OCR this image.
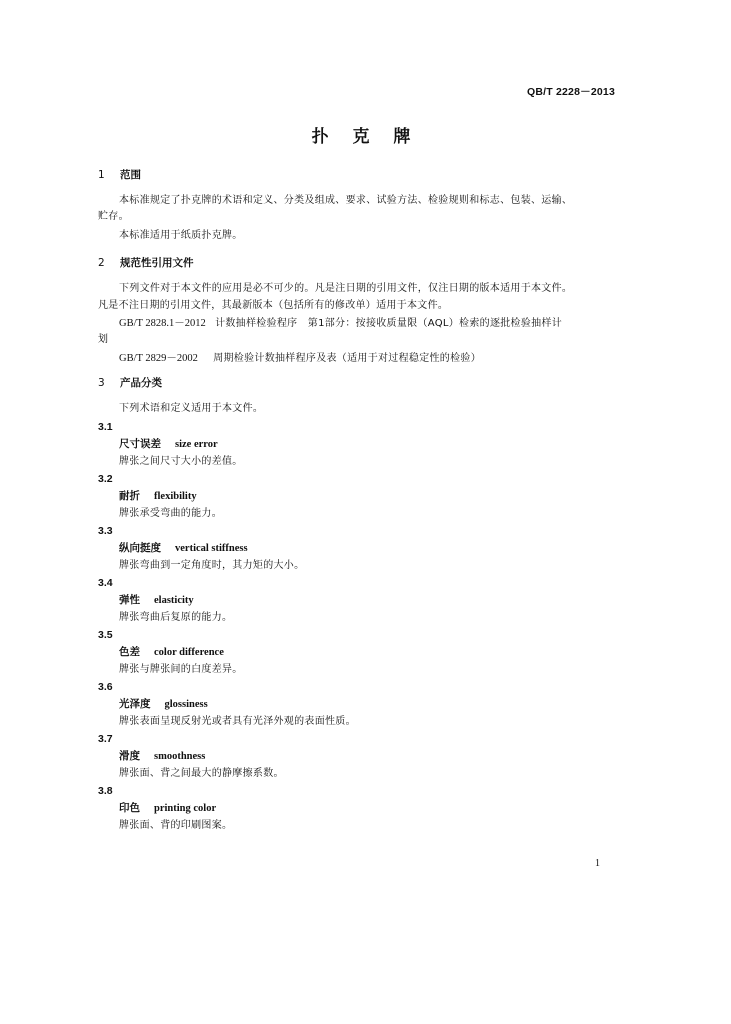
QB/T 2228－2013
扑 克 牌
1 范围
本标准规定了扑克牌的术语和定义、分类及组成、要求、试验方法、检验规则和标志、包装、运输、
贮存。
本标准适用于纸质扑克牌。
2 规范性引用文件
下列文件对于本文件的应用是必不可少的。凡是注日期的引用文件，仅注日期的版本适用于本文件。
凡是不注日期的引用文件，其最新版本（包括所有的修改单）适用于本文件。
GB/T 2828.1－2012 计数抽样检验程序　第1部分：按接收质量限（AQL）检索的逐批检验抽样计
划
GB/T 2829－2002 周期检验计数抽样程序及表（适用于对过程稳定性的检验）
3 产品分类
下列术语和定义适用于本文件。
3.1
尺寸误差 size error
牌张之间尺寸大小的差值。
3.2
耐折 flexibility
牌张承受弯曲的能力。
3.3
纵向挺度 vertical stiffness
牌张弯曲到一定角度时，其力矩的大小。
3.4
弹性 elasticity
牌张弯曲后复原的能力。
3.5
色差 color difference
牌张与牌张间的白度差异。
3.6
光泽度 glossiness
牌张表面呈现反射光或者具有光泽外观的表面性质。
3.7
滑度 smoothness
牌张面、背之间最大的静摩擦系数。
3.8
印色 printing color
牌张面、背的印刷图案。
1
